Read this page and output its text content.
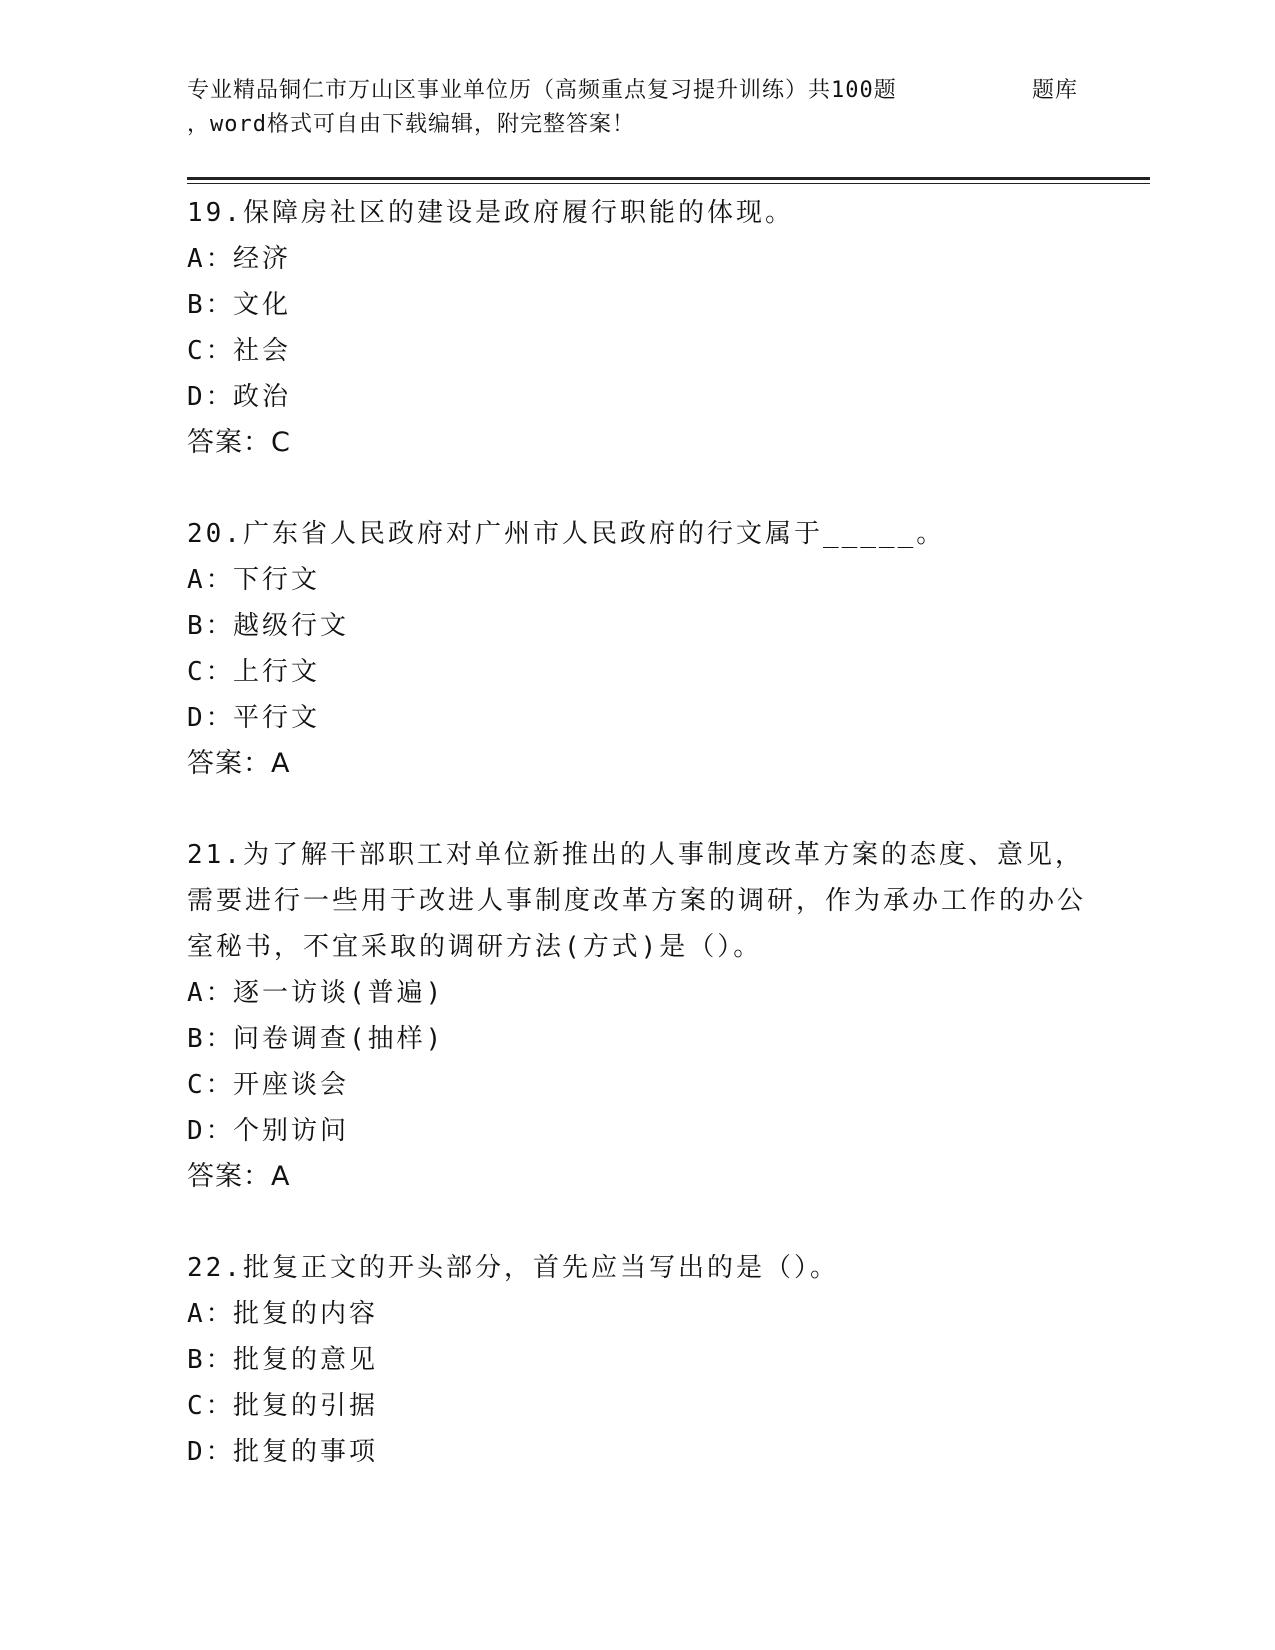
专业精品铜仁市万山区事业单位历（高频重点复习提升训练）共100题
，word格式可自由下载编辑，附完整答案！
题库
19.保障房社区的建设是政府履行职能的体现。
A：经济
B：文化
C：社会
D：政治
答案：C
20.广东省人民政府对广州市人民政府的行文属于_____。
A：下行文
B：越级行文
C：上行文
D：平行文
答案：A
21.为了解干部职工对单位新推出的人事制度改革方案的态度、意见，需要进行一些用于改进人事制度改革方案的调研，作为承办工作的办公室秘书，不宜采取的调研方法(方式)是（）。
A：逐一访谈(普遍)
B：问卷调查(抽样)
C：开座谈会
D：个别访问
答案：A
22.批复正文的开头部分，首先应当写出的是（）。
A：批复的内容
B：批复的意见
C：批复的引据
D：批复的事项
